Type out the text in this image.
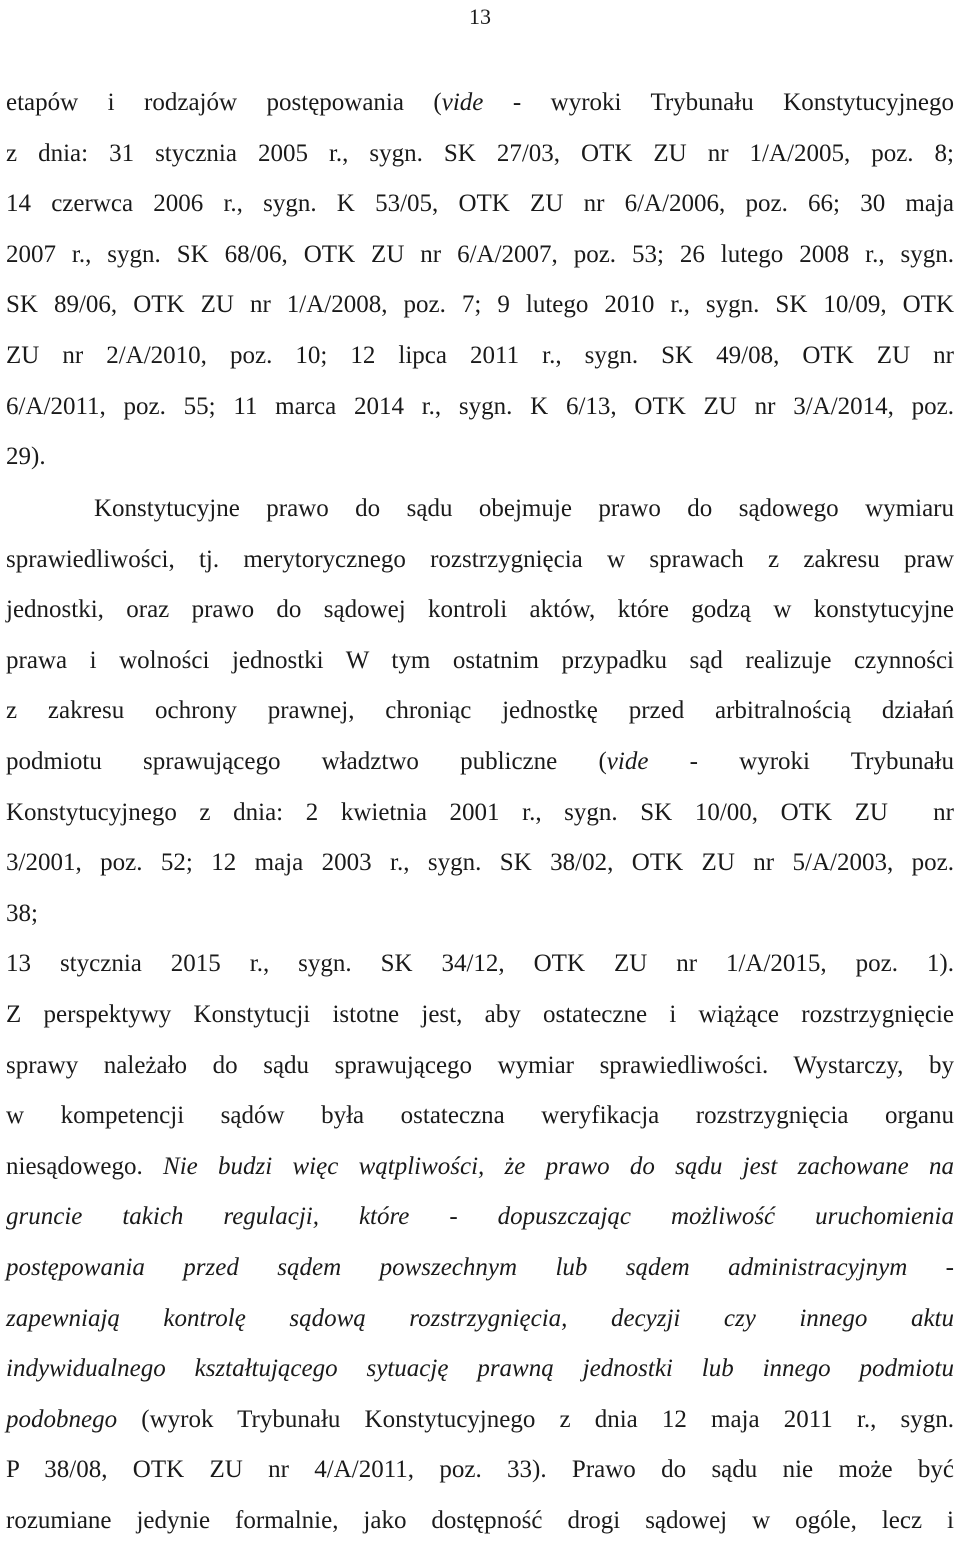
13
etapów i rodzajów postępowania (vide - wyroki Trybunału Konstytucyjnego
z dnia: 31 stycznia 2005 r., sygn. SK 27/03, OTK ZU nr 1/A/2005, poz. 8;
14 czerwca 2006 r., sygn. K 53/05, OTK ZU nr 6/A/2006, poz. 66; 30 maja
2007 r., sygn. SK 68/06, OTK ZU nr 6/A/2007, poz. 53; 26 lutego 2008 r., sygn.
SK 89/06, OTK ZU nr 1/A/2008, poz. 7; 9 lutego 2010 r., sygn. SK 10/09, OTK
ZU nr 2/A/2010, poz. 10; 12 lipca 2011 r., sygn. SK 49/08, OTK ZU nr
6/A/2011, poz. 55; 11 marca 2014 r., sygn. K 6/13, OTK ZU nr 3/A/2014, poz.
29).
Konstytucyjne prawo do sądu obejmuje prawo do sądowego wymiaru
sprawiedliwości, tj. merytorycznego rozstrzygnięcia w sprawach z zakresu praw
jednostki, oraz prawo do sądowej kontroli aktów, które godzą w konstytucyjne
prawa i wolności jednostki W tym ostatnim przypadku sąd realizuje czynności
z zakresu ochrony prawnej, chroniąc jednostkę przed arbitralnością działań
podmiotu sprawującego władztwo publiczne (vide - wyroki Trybunału
Konstytucyjnego z dnia: 2 kwietnia 2001 r., sygn. SK 10/00, OTK ZU  nr
3/2001, poz. 52; 12 maja 2003 r., sygn. SK 38/02, OTK ZU nr 5/A/2003, poz.
38;
13 stycznia 2015 r., sygn. SK 34/12, OTK ZU nr 1/A/2015, poz. 1).
Z perspektywy Konstytucji istotne jest, aby ostateczne i wiążące rozstrzygnięcie
sprawy należało do sądu sprawującego wymiar sprawiedliwości. Wystarczy, by
w kompetencji sądów była ostateczna weryfikacja rozstrzygnięcia organu
niesądowego. Nie budzi więc wątpliwości, że prawo do sądu jest zachowane na
gruncie takich regulacji, które - dopuszczając możliwość uruchomienia
postępowania przed sądem powszechnym lub sądem administracyjnym -
zapewniają kontrolę sądową rozstrzygnięcia, decyzji czy innego aktu
indywidualnego kształtującego sytuację prawną jednostki lub innego podmiotu
podobnego (wyrok Trybunału Konstytucyjnego z dnia 12 maja 2011 r., sygn.
P 38/08, OTK ZU nr 4/A/2011, poz. 33). Prawo do sądu nie może być
rozumiane jedynie formalnie, jako dostępność drogi sądowej w ogóle, lecz i
